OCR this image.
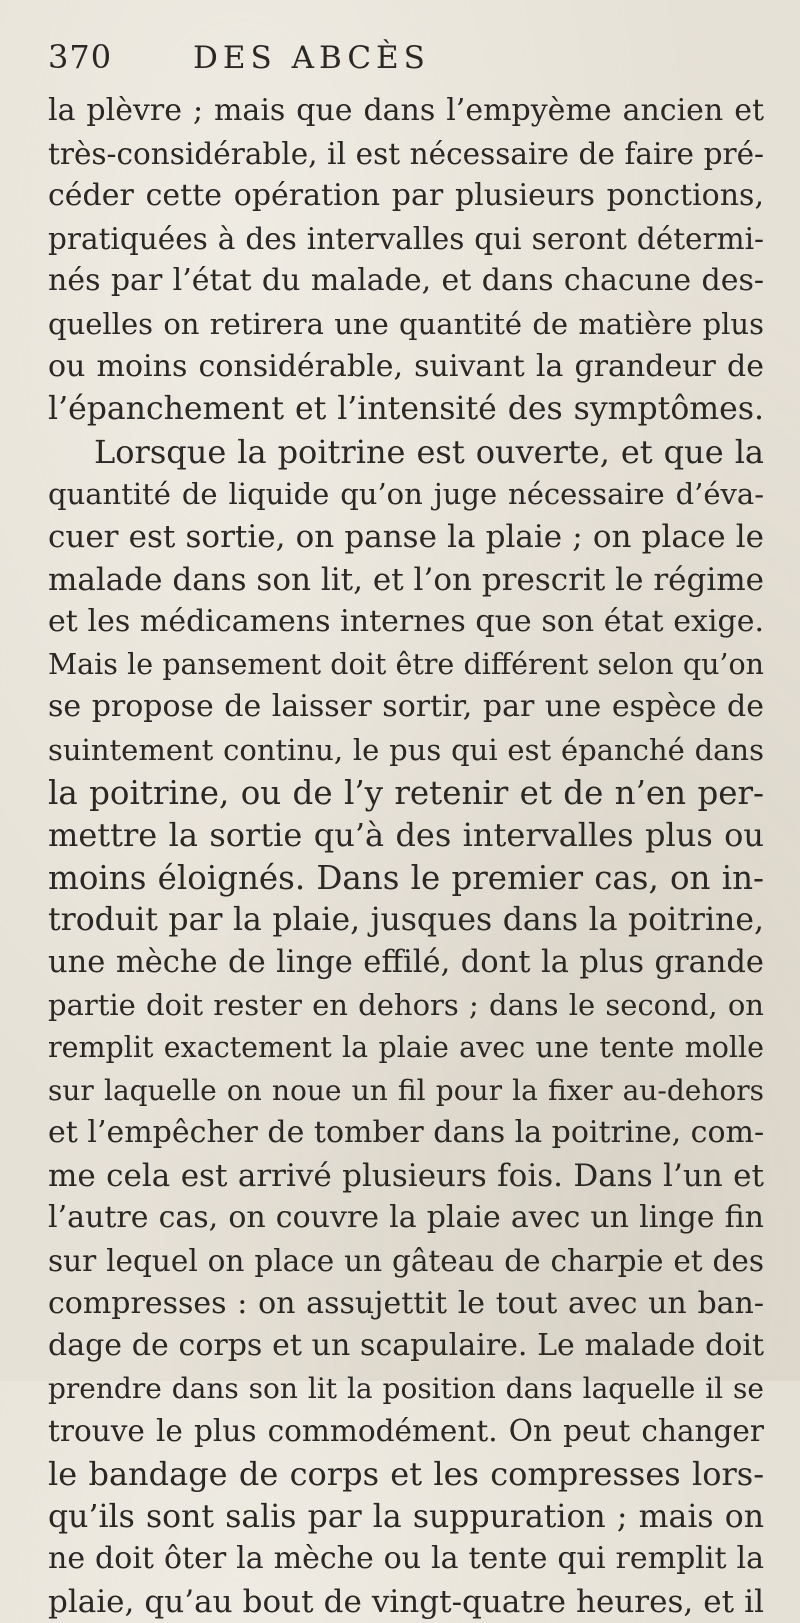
370	DES ABCÈS
la plèvre ; mais que dans l’empyème ancien et
très-considérable, il est nécessaire de faire pré-
céder cette opération par plusieurs ponctions,
pratiquées à des intervalles qui seront détermi-
nés par l’état du malade, et dans chacune des-
quelles on retirera une quantité de matière plus
ou moins considérable, suivant la grandeur de
l’épanchement et l’intensité des symptômes.
Lorsque la poitrine est ouverte, et que la
quantité de liquide qu’on juge nécessaire d’éva-
cuer est sortie, on panse la plaie ; on place le
malade dans son lit, et l’on prescrit le régime
et les médicamens internes que son état exige.
Mais le pansement doit être différent selon qu’on
se propose de laisser sortir, par une espèce de
suintement continu, le pus qui est épanché dans
la poitrine, ou de l’y retenir et de n’en per-
mettre la sortie qu’à des intervalles plus ou
moins éloignés. Dans le premier cas, on in-
troduit par la plaie, jusques dans la poitrine,
une mèche de linge effilé, dont la plus grande
partie doit rester en dehors ; dans le second, on
remplit exactement la plaie avec une tente molle
sur laquelle on noue un fil pour la fixer au-dehors
et l’empêcher de tomber dans la poitrine, com-
me cela est arrivé plusieurs fois. Dans l’un et
l’autre cas, on couvre la plaie avec un linge fin
sur lequel on place un gâteau de charpie et des
compresses : on assujettit le tout avec un ban-
dage de corps et un scapulaire. Le malade doit
prendre dans son lit la position dans laquelle il se
trouve le plus commodément. On peut changer
le bandage de corps et les compresses lors-
qu’ils sont salis par la suppuration ; mais on
ne doit ôter la mèche ou la tente qui remplit la
plaie, qu’au bout de vingt-quatre heures, et il
